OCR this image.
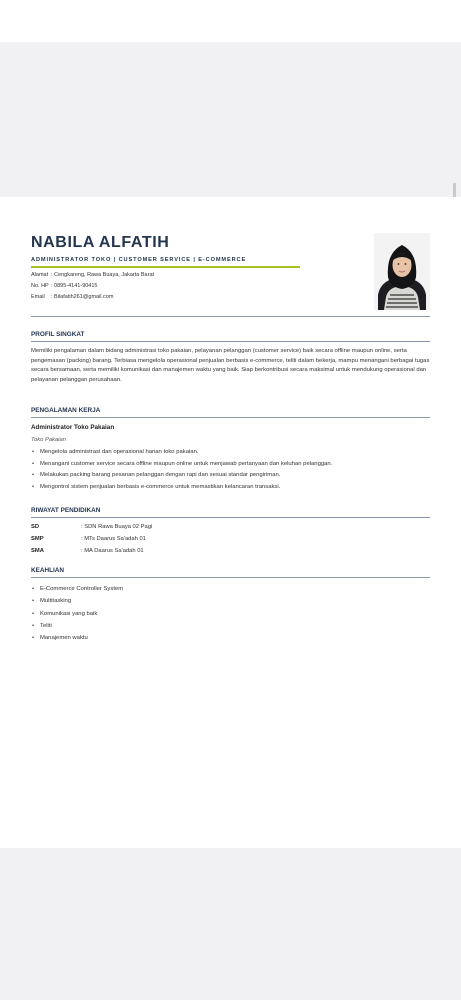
NABILA ALFATIH
ADMINISTRATOR TOKO | CUSTOMER SERVICE | E-COMMERCE
Alamat : Cengkareng, Rawa Buaya, Jakarta Barat
No. HP : 0895-4141-90415
Email : Bilafatih261@gmail.com
PROFIL SINGKAT

Memiliki pengalaman dalam bidang administrasi toko pakaian, pelayanan pelanggan (customer service) baik secara offline maupun online, serta pengemasan (packing) barang. Terbiasa mengelola operasional penjualan berbasis e-commerce, teliti dalam bekerja, mampu menangani berbagai tugas secara bersamaan, serta memiliki komunikasi dan manajemen waktu yang baik. Siap berkontribusi secara maksimal untuk mendukung operasional dan pelayanan pelanggan perusahaan.

PENGALAMAN KERJA
Administrator Toko Pakaian
Toko Pakaian
• Mengelola administrasi dan operasional harian toko pakaian.
• Menangani customer service secara offline maupun online untuk menjawab pertanyaan dan keluhan pelanggan.
• Melakukan packing barang pesanan pelanggan dengan rapi dan sesuai standar pengiriman.
• Mengontrol sistem penjualan berbasis e-commerce untuk memastikan kelancaran transaksi.
RIWAYAT PENDIDIKAN
SD	: SDN Rawa Buaya 02 Pagi
SMP	: MTs Daarus Sa'adah 01
SMA	: MA Daarus Sa'adah 01
KEAHLIAN
• E-Commerce Controller System
• Multitasking
• Komunikasi yang baik
• Teliti
• Manajemen waktu
